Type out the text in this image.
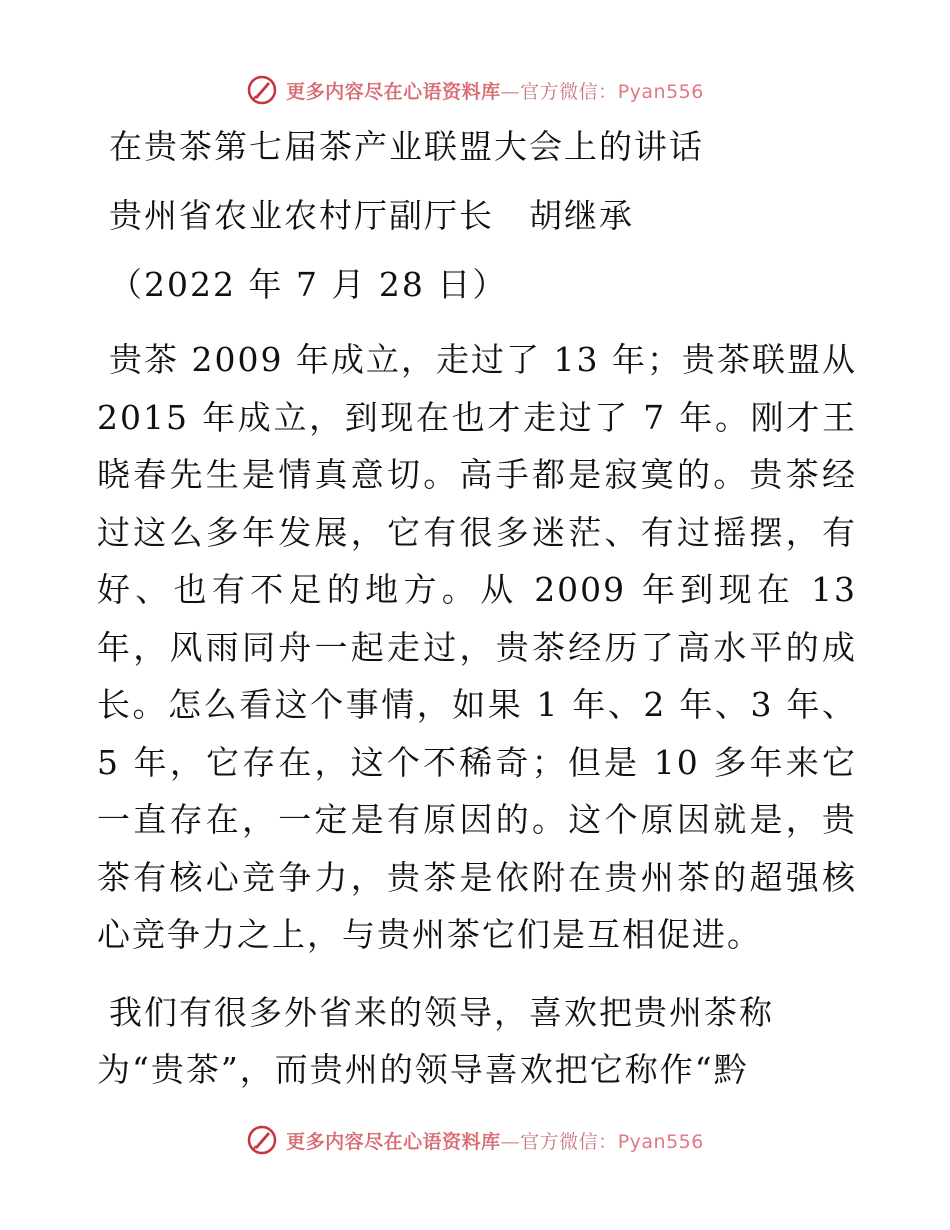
更多内容尽在心语资料库—官方微信：Pyan556
在贵茶第七届茶产业联盟大会上的讲话
贵州省农业农村厅副厅长　胡继承
（2022 年 7 月 28 日）
贵茶 2009 年成立，走过了 13 年；贵茶联盟从 2015 年成立，到现在也才走过了 7 年。刚才王晓春先生是情真意切。高手都是寂寞的。贵茶经过这么多年发展，它有很多迷茫、有过摇摆，有好、也有不足的地方。从 2009 年到现在 13 年，风雨同舟一起走过，贵茶经历了高水平的成长。怎么看这个事情，如果 1 年、2 年、3 年、5 年，它存在，这个不稀奇；但是 10 多年来它一直存在，一定是有原因的。这个原因就是，贵茶有核心竞争力，贵茶是依附在贵州茶的超强核心竞争力之上，与贵州茶它们是互相促进。
我们有很多外省来的领导，喜欢把贵州茶称为“贵茶”，而贵州的领导喜欢把它称作“黔
更多内容尽在心语资料库—官方微信：Pyan556
